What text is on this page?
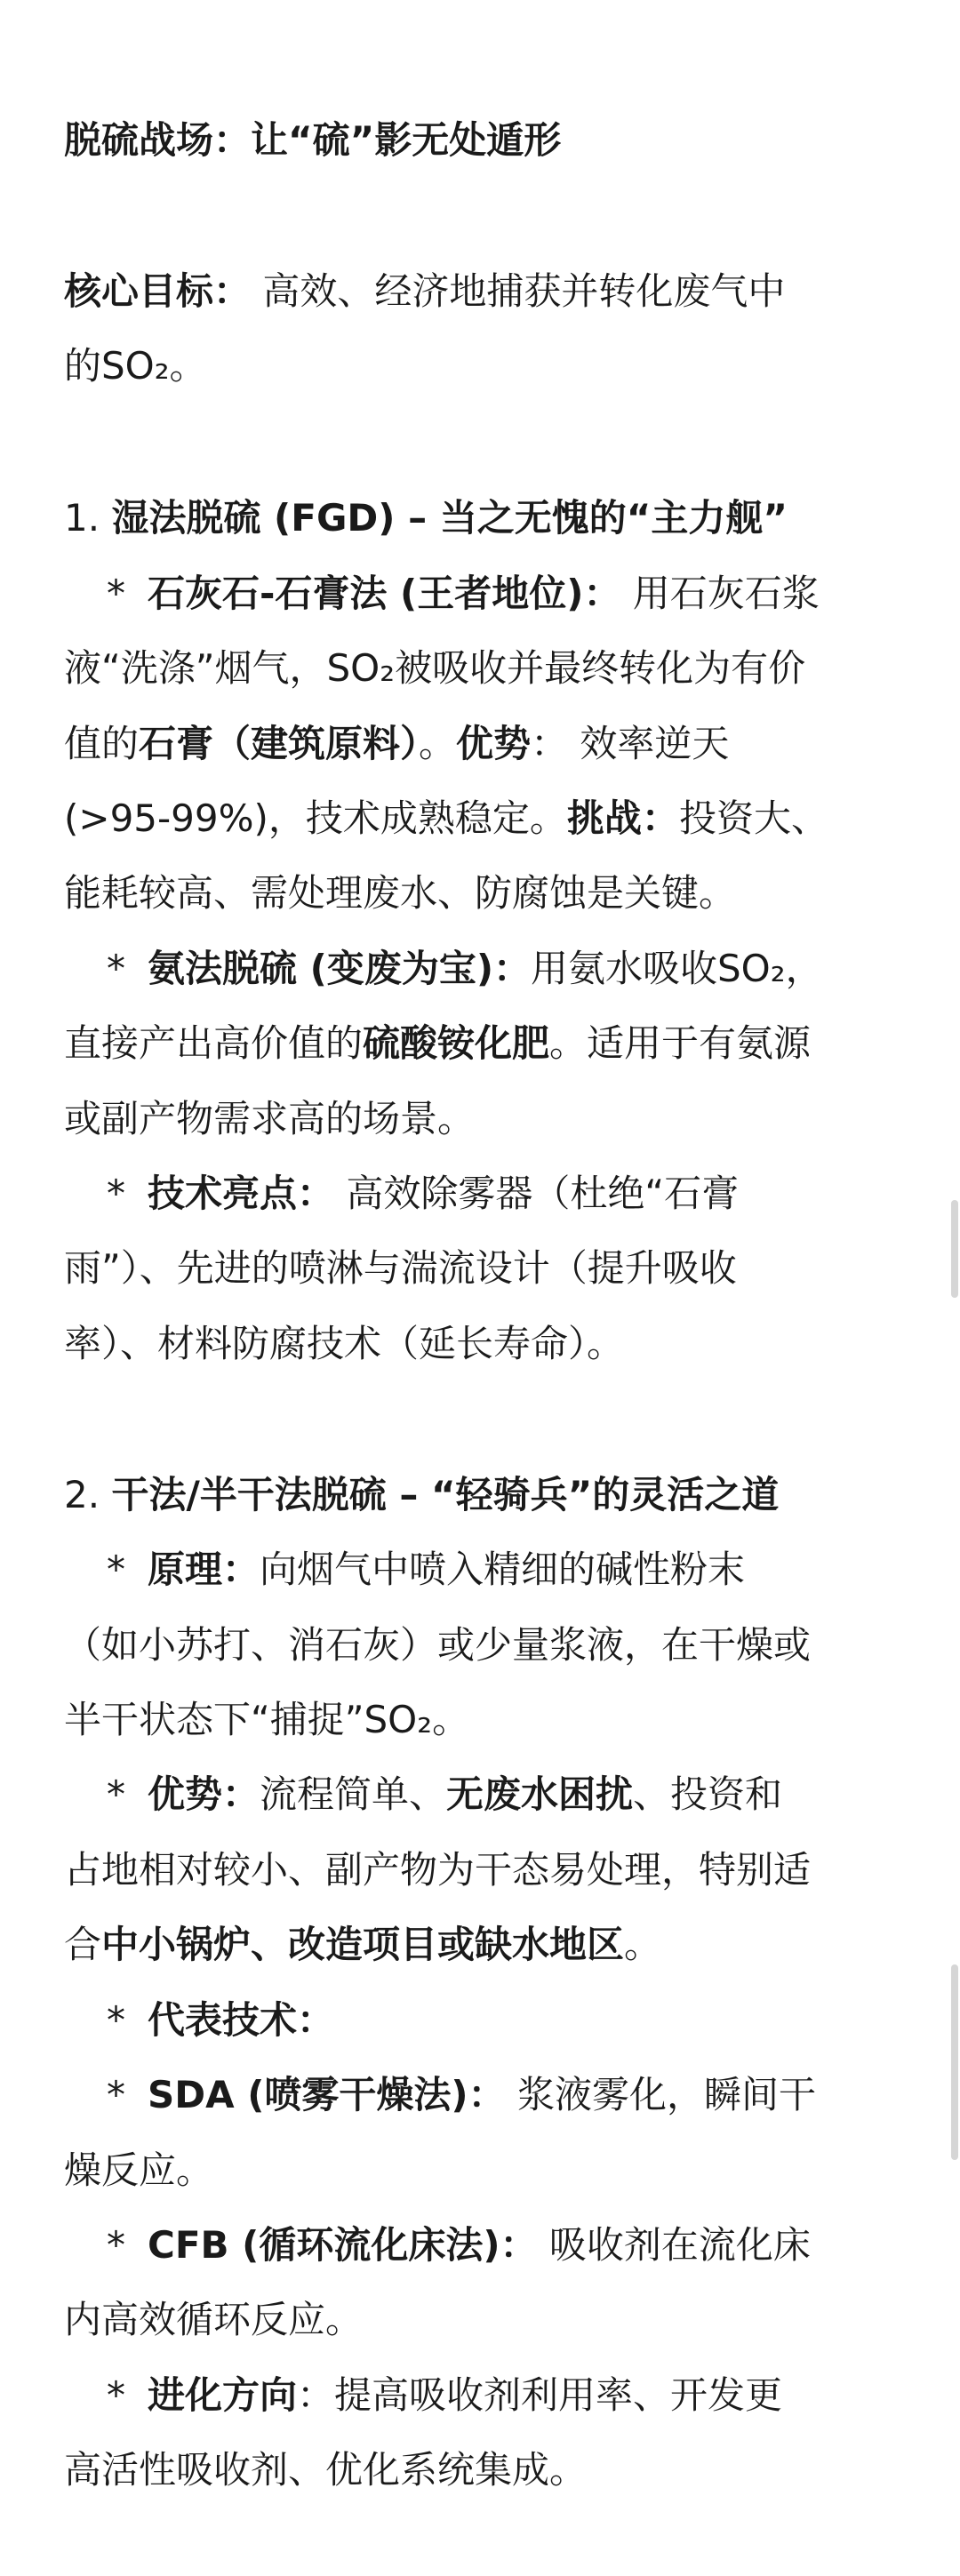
脱硫战场：让“硫”影无处遁形
核心目标： 高效、经济地捕获并转化废气中
的SO₂。
1. 湿法脱硫 (FGD) – 当之无愧的“主力舰”
* 石灰石-石膏法 (王者地位)： 用石灰石浆
液“洗涤”烟气，SO₂被吸收并最终转化为有价
值的石膏（建筑原料）。优势： 效率逆天
(>95-99%)，技术成熟稳定。挑战：投资大、
能耗较高、需处理废水、防腐蚀是关键。
* 氨法脱硫 (变废为宝)：用氨水吸收SO₂，
直接产出高价值的硫酸铵化肥。适用于有氨源
或副产物需求高的场景。
* 技术亮点： 高效除雾器（杜绝“石膏
雨”）、先进的喷淋与湍流设计（提升吸收
率）、材料防腐技术（延长寿命）。
2. 干法/半干法脱硫 – “轻骑兵”的灵活之道
* 原理：向烟气中喷入精细的碱性粉末
（如小苏打、消石灰）或少量浆液，在干燥或
半干状态下“捕捉”SO₂。
* 优势：流程简单、无废水困扰、投资和
占地相对较小、副产物为干态易处理，特别适
合中小锅炉、改造项目或缺水地区。
* 代表技术：
* SDA (喷雾干燥法)： 浆液雾化，瞬间干
燥反应。
* CFB (循环流化床法)： 吸收剂在流化床
内高效循环反应。
* 进化方向：提高吸收剂利用率、开发更
高活性吸收剂、优化系统集成。
